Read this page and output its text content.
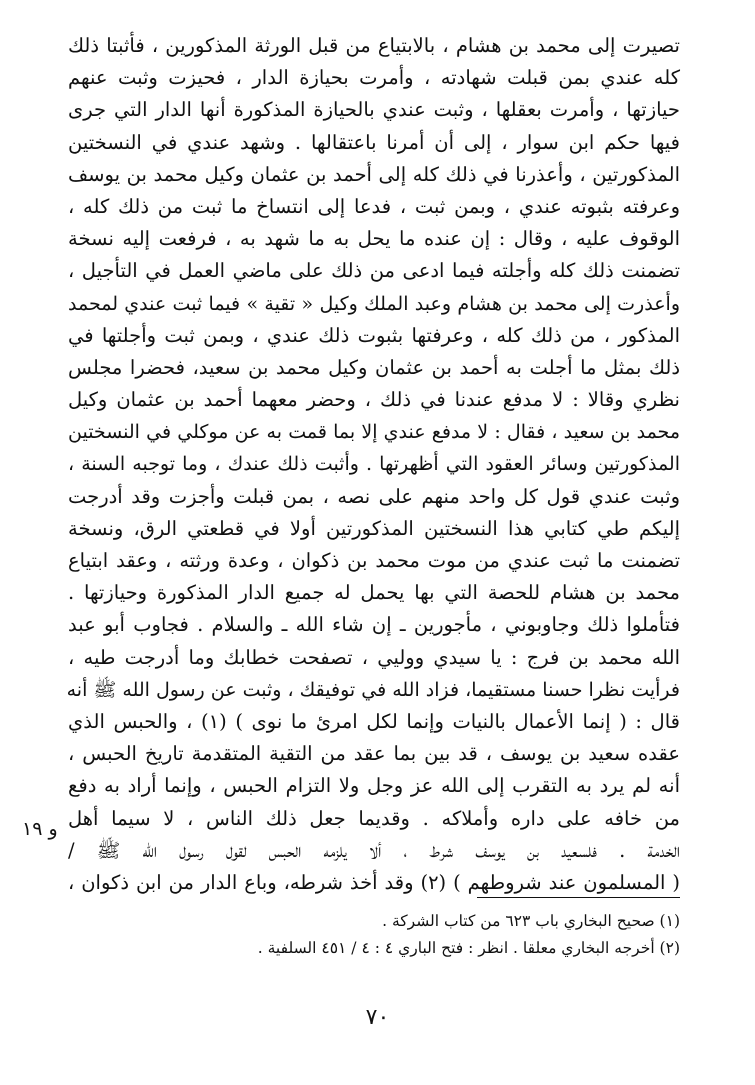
تصيرت إلى محمد بن هشام ، بالابتياع من قبل الورثة المذكورين ، فأثبتا ذلك
كله عندي بمن قبلت شهادته ، وأمرت بحيازة الدار ، فحيزت وثبت عنهم
حيازتها ، وأمرت بعقلها ، وثبت عندي بالحيازة المذكورة أنها الدار التي جرى
فيها حكم ابن سوار ، إلى أن أمرنا باعتقالها . وشهد عندي في النسختين
المذكورتين ، وأعذرنا في ذلك كله إلى أحمد بن عثمان وكيل محمد بن يوسف
وعرفته بثبوته عندي ، وبمن ثبت ، فدعا إلى انتساخ ما ثبت من ذلك كله ،
الوقوف عليه ، وقال : إن عنده ما يحل به ما شهد به ، فرفعت إليه نسخة
تضمنت ذلك كله وأجلته فيما ادعى من ذلك على ماضي العمل في التأجيل ،
وأعذرت إلى محمد بن هشام وعبد الملك وكيل « تقية » فيما ثبت عندي لمحمد
المذكور ، من ذلك كله ، وعرفتها بثبوت ذلك عندي ، وبمن ثبت وأجلتها في
ذلك بمثل ما أجلت به أحمد بن عثمان وكيل محمد بن سعيد، فحضرا مجلس
نظري وقالا : لا مدفع عندنا في ذلك ، وحضر معهما أحمد بن عثمان وكيل
محمد بن سعيد ، فقال : لا مدفع عندي إلا بما قمت به عن موكلي في النسختين
المذكورتين وسائر العقود التي أظهرتها . وأثبت ذلك عندك ، وما توجبه السنة ،
وثبت عندي قول كل واحد منهم على نصه ، بمن قبلت وأجزت وقد أدرجت
إليكم طي كتابي هذا النسختين المذكورتين أولا في قطعتي الرق، ونسخة
تضمنت ما ثبت عندي من موت محمد بن ذكوان ، وعدة ورثته ، وعقد ابتياع
محمد بن هشام للحصة التي بها يحمل له جميع الدار المذكورة وحيازتها .
فتأملوا ذلك وجاوبوني ، مأجورين ـ إن شاء الله ـ والسلام . فجاوب أبو عبد
الله محمد بن فرج : يا سيدي ووليي ، تصفحت خطابك وما أدرجت طيه ،
فرأيت نظرا حسنا مستقيما، فزاد الله في توفيقك ، وثبت عن رسول الله ﷺ أنه
قال : ( إنما الأعمال بالنيات وإنما لكل امرئ ما نوى ) (١) ، والحبس الذي
عقده سعيد بن يوسف ، قد بين بما عقد من التقية المتقدمة تاريخ الحبس ،
أنه لم يرد به التقرب إلى الله عز وجل ولا التزام الحبس ، وإنما أراد به دفع
من خافه على داره وأملاكه . وقديما جعل ذلك الناس ، لا سيما أهل
الخدمة . فلسعيد بن يوسف شرط ، ألا يلزمه الحبس لقول رسول الله ﷺ /
( المسلمون عند شروطهم ) (٢) وقد أخذ شرطه، وباع الدار من ابن ذكوان ،
و ١٩
(١) صحيح البخاري باب ٦٢٣ من كتاب الشركة .
(٢) أخرجه البخاري معلقا . انظر : فتح الباري ٤ : ٤ / ٤٥١ السلفية .
٧٠
